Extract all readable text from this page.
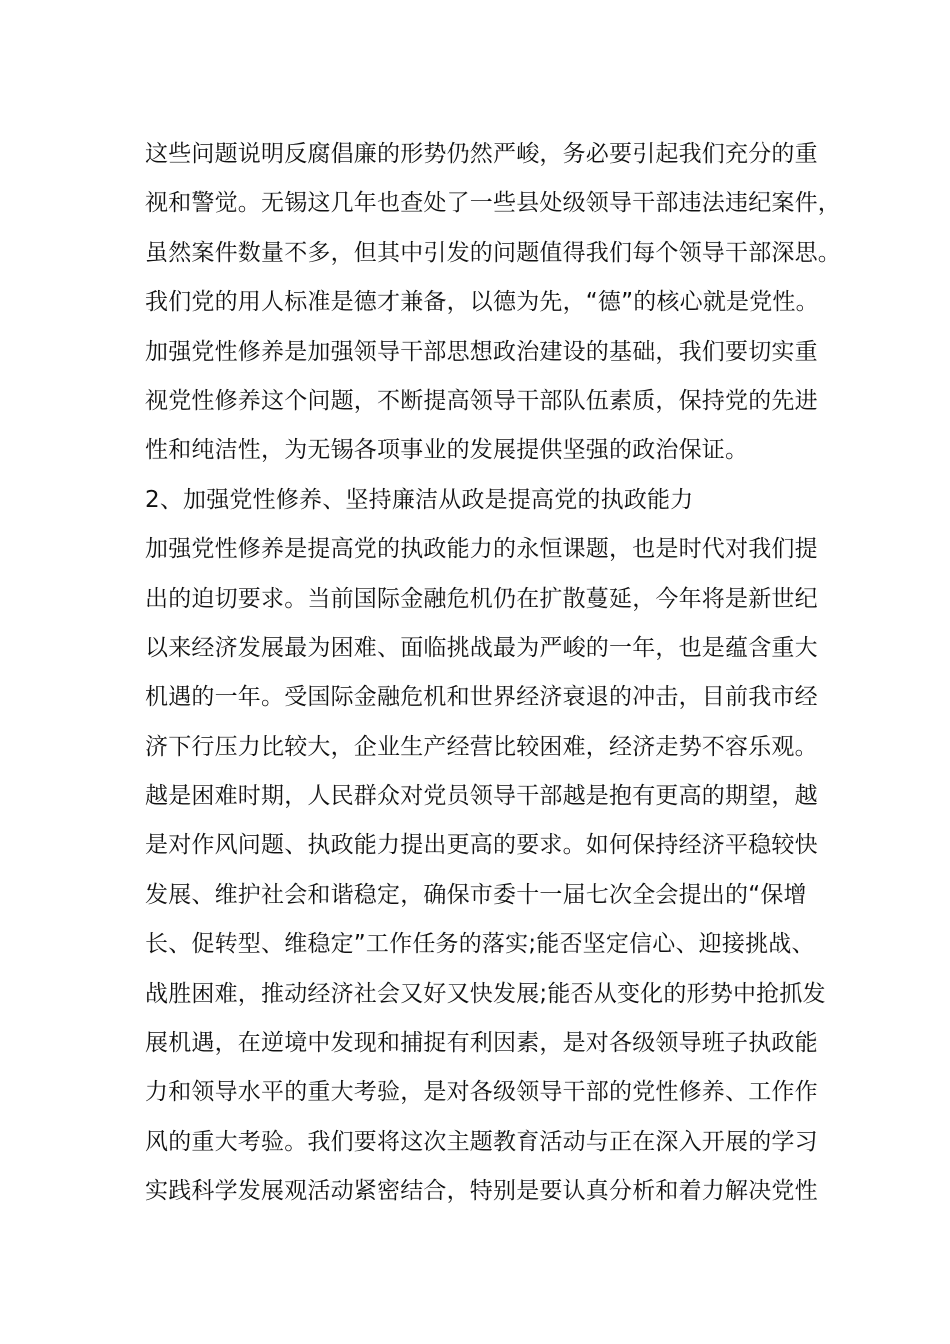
这些问题说明反腐倡廉的形势仍然严峻，务必要引起我们充分的重
视和警觉。无锡这几年也查处了一些县处级领导干部违法违纪案件，
虽然案件数量不多，但其中引发的问题值得我们每个领导干部深思。
我们党的用人标准是德才兼备，以德为先，“德”的核心就是党性。
加强党性修养是加强领导干部思想政治建设的基础，我们要切实重
视党性修养这个问题，不断提高领导干部队伍素质，保持党的先进
性和纯洁性，为无锡各项事业的发展提供坚强的政治保证。
2、加强党性修养、坚持廉洁从政是提高党的执政能力
加强党性修养是提高党的执政能力的永恒课题，也是时代对我们提
出的迫切要求。当前国际金融危机仍在扩散蔓延，今年将是新世纪
以来经济发展最为困难、面临挑战最为严峻的一年，也是蕴含重大
机遇的一年。受国际金融危机和世界经济衰退的冲击，目前我市经
济下行压力比较大，企业生产经营比较困难，经济走势不容乐观。
越是困难时期，人民群众对党员领导干部越是抱有更高的期望，越
是对作风问题、执政能力提出更高的要求。如何保持经济平稳较快
发展、维护社会和谐稳定，确保市委十一届七次全会提出的“保增
长、促转型、维稳定”工作任务的落实;能否坚定信心、迎接挑战、
战胜困难，推动经济社会又好又快发展;能否从变化的形势中抢抓发
展机遇，在逆境中发现和捕捉有利因素，是对各级领导班子执政能
力和领导水平的重大考验，是对各级领导干部的党性修养、工作作
风的重大考验。我们要将这次主题教育活动与正在深入开展的学习
实践科学发展观活动紧密结合，特别是要认真分析和着力解决党性
